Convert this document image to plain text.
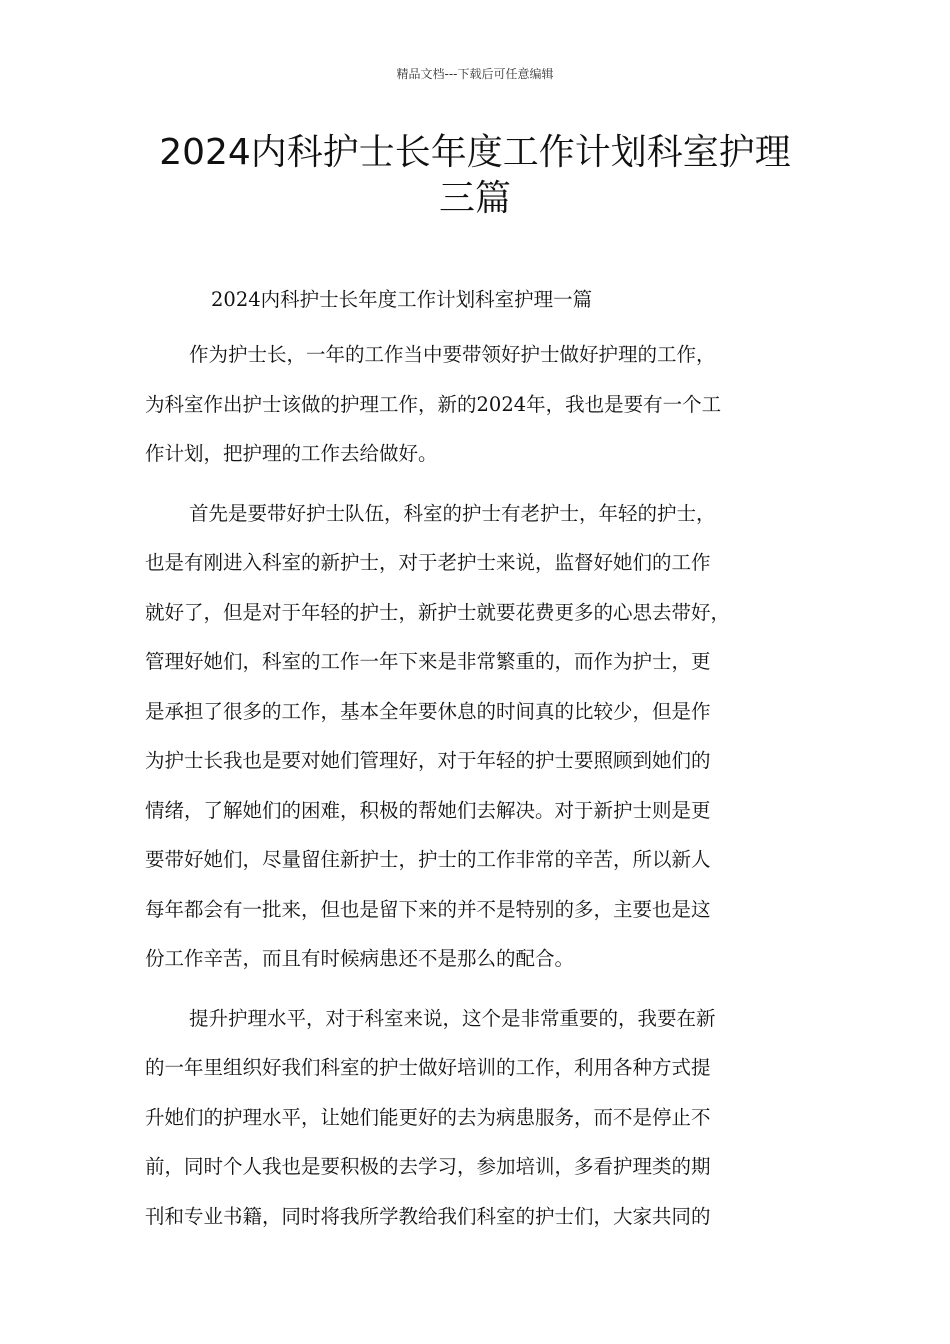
精品文档---下载后可任意编辑
2024内科护士长年度工作计划科室护理
三篇

2024内科护士长年度工作计划科室护理一篇

作为护士长，一年的工作当中要带领好护士做好护理的工作，
为科室作出护士该做的护理工作，新的2024年，我也是要有一个工
作计划，把护理的工作去给做好。

首先是要带好护士队伍，科室的护士有老护士，年轻的护士，
也是有刚进入科室的新护士，对于老护士来说，监督好她们的工作
就好了，但是对于年轻的护士，新护士就要花费更多的心思去带好，
管理好她们，科室的工作一年下来是非常繁重的，而作为护士，更
是承担了很多的工作，基本全年要休息的时间真的比较少，但是作
为护士长我也是要对她们管理好，对于年轻的护士要照顾到她们的
情绪，了解她们的困难，积极的帮她们去解决。对于新护士则是更
要带好她们，尽量留住新护士，护士的工作非常的辛苦，所以新人
每年都会有一批来，但也是留下来的并不是特别的多，主要也是这
份工作辛苦，而且有时候病患还不是那么的配合。

提升护理水平，对于科室来说，这个是非常重要的，我要在新
的一年里组织好我们科室的护士做好培训的工作，利用各种方式提
升她们的护理水平，让她们能更好的去为病患服务，而不是停止不
前，同时个人我也是要积极的去学习，参加培训，多看护理类的期
刊和专业书籍，同时将我所学教给我们科室的护士们，大家共同的
